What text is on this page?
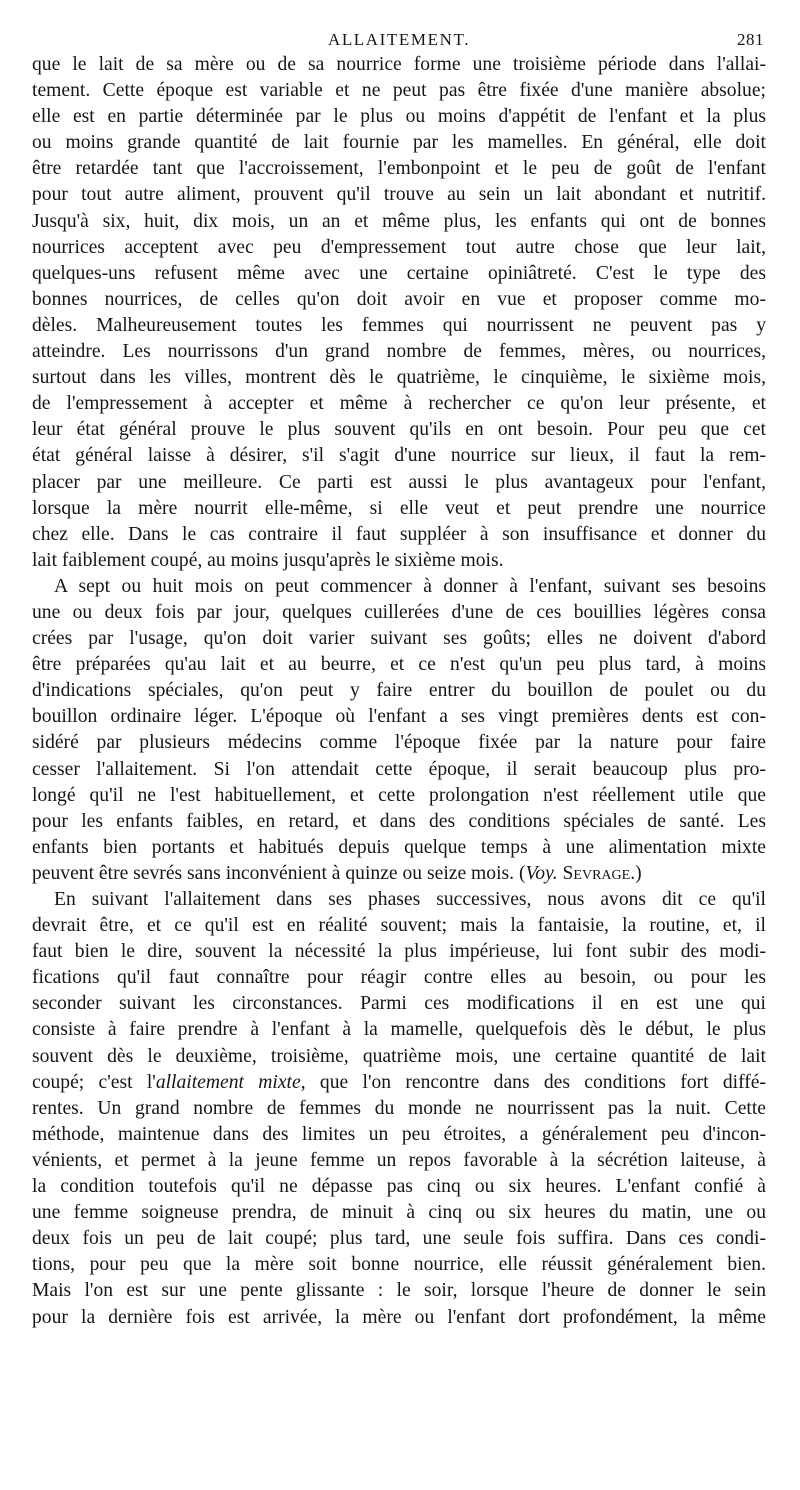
ALLAITEMENT.	281
que le lait de sa mère ou de sa nourrice forme une troisième période dans l'allai-
tement. Cette époque est variable et ne peut pas être fixée d'une manière absolue;
elle est en partie déterminée par le plus ou moins d'appétit de l'enfant et la plus
ou moins grande quantité de lait fournie par les mamelles. En général, elle doit
être retardée tant que l'accroissement, l'embonpoint et le peu de goût de l'enfant
pour tout autre aliment, prouvent qu'il trouve au sein un lait abondant et nutritif.
Jusqu'à six, huit, dix mois, un an et même plus, les enfants qui ont de bonnes
nourrices acceptent avec peu d'empressement tout autre chose que leur lait,
quelques-uns refusent même avec une certaine opiniâtreté. C'est le type des
bonnes nourrices, de celles qu'on doit avoir en vue et proposer comme mo-
dèles. Malheureusement toutes les femmes qui nourrissent ne peuvent pas y
atteindre. Les nourrissons d'un grand nombre de femmes, mères, ou nourrices,
surtout dans les villes, montrent dès le quatrième, le cinquième, le sixième mois,
de l'empressement à accepter et même à rechercher ce qu'on leur présente, et
leur état général prouve le plus souvent qu'ils en ont besoin. Pour peu que cet
état général laisse à désirer, s'il s'agit d'une nourrice sur lieux, il faut la rem-
placer par une meilleure. Ce parti est aussi le plus avantageux pour l'enfant,
lorsque la mère nourrit elle-même, si elle veut et peut prendre une nourrice
chez elle. Dans le cas contraire il faut suppléer à son insuffisance et donner du
lait faiblement coupé, au moins jusqu'après le sixième mois.
A sept ou huit mois on peut commencer à donner à l'enfant, suivant ses besoins
une ou deux fois par jour, quelques cuillerées d'une de ces bouillies légères consa
crées par l'usage, qu'on doit varier suivant ses goûts; elles ne doivent d'abord
être préparées qu'au lait et au beurre, et ce n'est qu'un peu plus tard, à moins
d'indications spéciales, qu'on peut y faire entrer du bouillon de poulet ou du
bouillon ordinaire léger. L'époque où l'enfant a ses vingt premières dents est con-
sidéré par plusieurs médecins comme l'époque fixée par la nature pour faire
cesser l'allaitement. Si l'on attendait cette époque, il serait beaucoup plus pro-
longé qu'il ne l'est habituellement, et cette prolongation n'est réellement utile que
pour les enfants faibles, en retard, et dans des conditions spéciales de santé. Les
enfants bien portants et habitués depuis quelque temps à une alimentation mixte
peuvent être sevrés sans inconvénient à quinze ou seize mois. (Voy. Sevrage.)
En suivant l'allaitement dans ses phases successives, nous avons dit ce qu'il
devrait être, et ce qu'il est en réalité souvent; mais la fantaisie, la routine, et, il
faut bien le dire, souvent la nécessité la plus impérieuse, lui font subir des modi-
fications qu'il faut connaître pour réagir contre elles au besoin, ou pour les
seconder suivant les circonstances. Parmi ces modifications il en est une qui
consiste à faire prendre à l'enfant à la mamelle, quelquefois dès le début, le plus
souvent dès le deuxième, troisième, quatrième mois, une certaine quantité de lait
coupé; c'est l'allaitement mixte, que l'on rencontre dans des conditions fort diffé-
rentes. Un grand nombre de femmes du monde ne nourrissent pas la nuit. Cette
méthode, maintenue dans des limites un peu étroites, a généralement peu d'incon-
vénients, et permet à la jeune femme un repos favorable à la sécrétion laiteuse, à
la condition toutefois qu'il ne dépasse pas cinq ou six heures. L'enfant confié à
une femme soigneuse prendra, de minuit à cinq ou six heures du matin, une ou
deux fois un peu de lait coupé; plus tard, une seule fois suffira. Dans ces condi-
tions, pour peu que la mère soit bonne nourrice, elle réussit généralement bien.
Mais l'on est sur une pente glissante : le soir, lorsque l'heure de donner le sein
pour la dernière fois est arrivée, la mère ou l'enfant dort profondément, la même
